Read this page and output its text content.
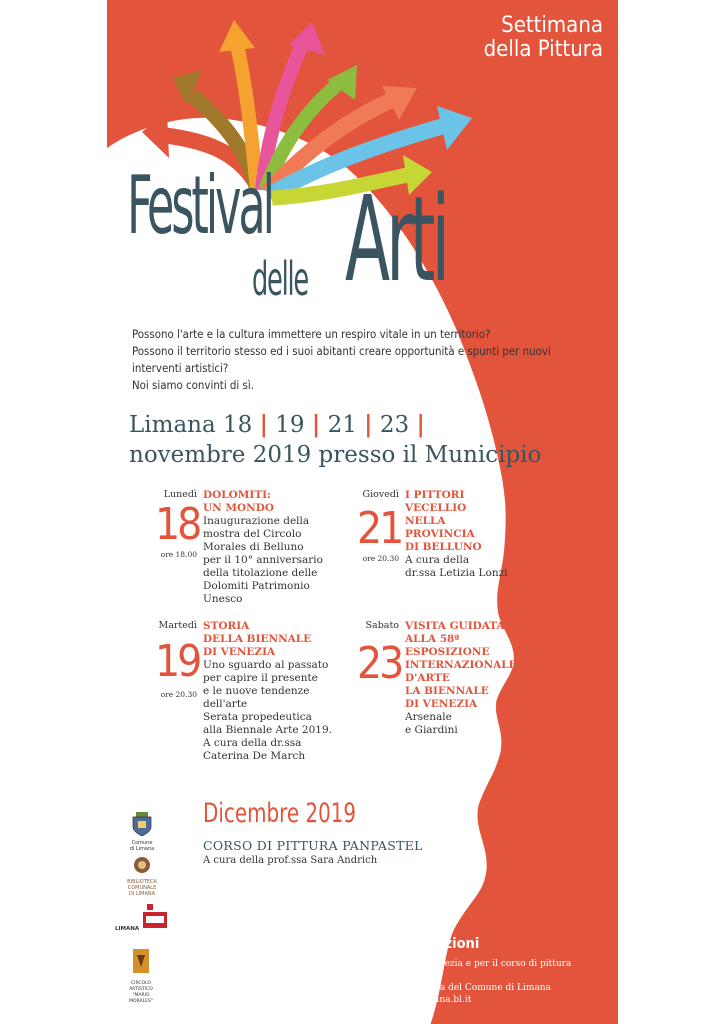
Settimana
della Pittura
Festival
delle Arti
Possono l'arte e la cultura immettere un respiro vitale in un territorio?
Possono il territorio stesso ed i suoi abitanti creare opportunità e spunti per nuovi interventi artistici?
Noi siamo convinti di sì.
Limana 18 | 19 | 21 | 23 |
novembre 2019 presso il Municipio
Lunedì
18
ore 18.00
DOLOMITI:
UN MONDO
Inaugurazione della
mostra del Circolo
Morales di Belluno
per il 10° anniversario
della titolazione delle
Dolomiti Patrimonio
Unesco
Giovedì
21
ore 20.30
I PITTORI
VECELLIO
NELLA
PROVINCIA
DI BELLUNO
A cura della
dr.ssa Letizia Lonzi
Martedì
19
ore 20.30
STORIA
DELLA BIENNALE
DI VENEZIA
Uno sguardo al passato
per capire il presente
e le nuove tendenze
dell'arte
Serata propedeutica
alla Biennale Arte 2019.
A cura della dr.ssa
Caterina De March
Sabato
23
VISITA GUIDATA
ALLA 58ª
ESPOSIZIONE
INTERNAZIONALE
D'ARTE
LA BIENNALE
DI VENEZIA
Arsenale
e Giardini
Dicembre 2019
CORSO DI PITTURA PANPASTEL
A cura della prof.ssa Sara Andrich
Comune
di Limana
BIBLIOTECA
COMUNALE
DI LIMANA
LIMANA
CIRCOLO ARTISTICO
"MARIO MORALES"
Per iscrizioni ed informazioni
sulla visita guidata alla Biennale di Venezia e per il corso di pittura panpastel
contattare l'Ufficio Cultura e Biblioteca del Comune di Limana
0437 970868 - sbogo.limana@valbelluna.bl.it
http://biblioteca.limana.org
